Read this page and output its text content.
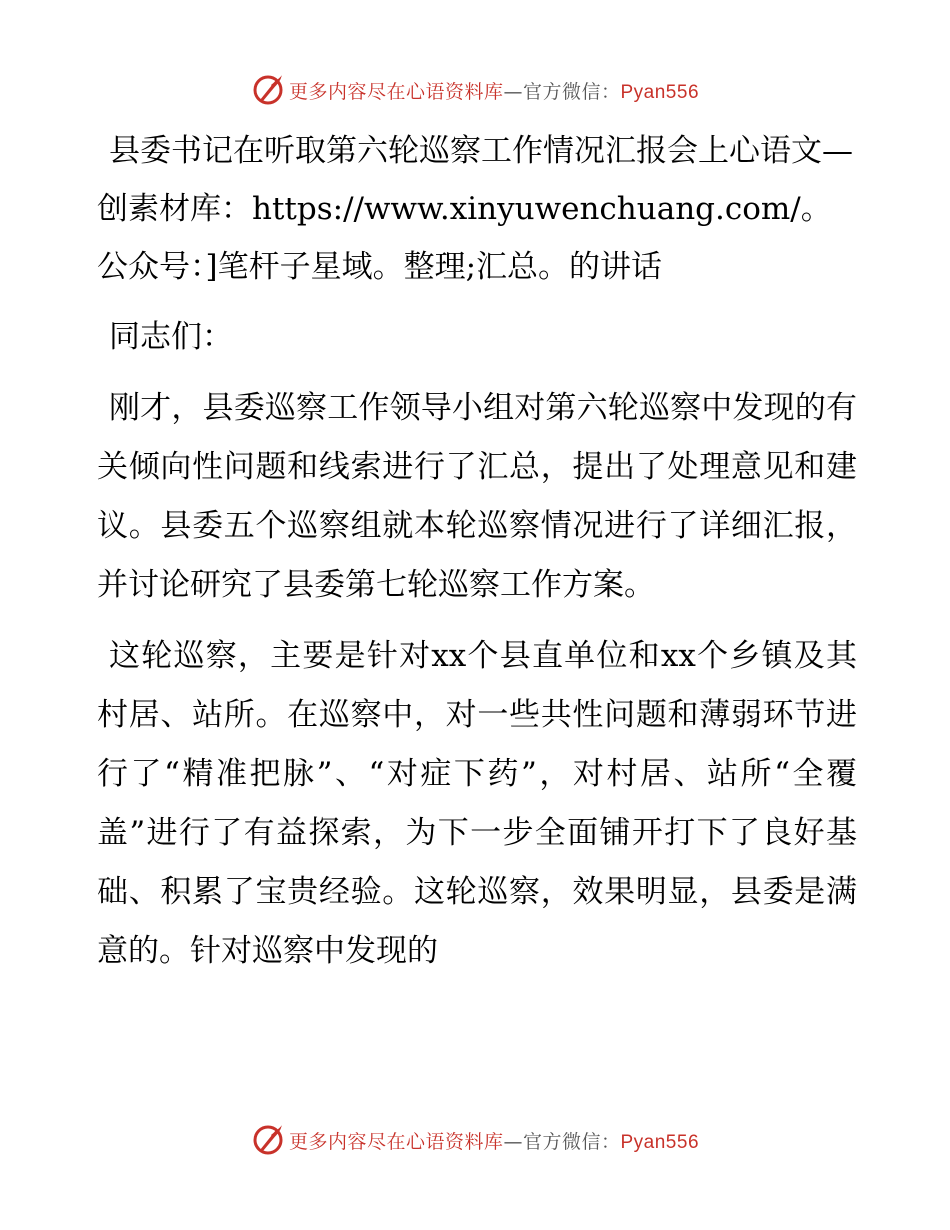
更多内容尽在心语资料库—官方微信：Pyan556
县委书记在听取第六轮巡察工作情况汇报会上心语文—创素材库：https://www.xinyuwenchuang.com/。公众号：]笔杆子星域。整理;汇总。的讲话

同志们：

刚才，县委巡察工作领导小组对第六轮巡察中发现的有关倾向性问题和线索进行了汇总，提出了处理意见和建议。县委五个巡察组就本轮巡察情况进行了详细汇报，并讨论研究了县委第七轮巡察工作方案。

这轮巡察，主要是针对xx个县直单位和xx个乡镇及其村居、站所。在巡察中，对一些共性问题和薄弱环节进行了“精准把脉”、“对症下药”，对村居、站所“全覆盖”进行了有益探索，为下一步全面铺开打下了良好基础、积累了宝贵经验。这轮巡察，效果明显，县委是满意的。针对巡察中发现的

更多内容尽在心语资料库—官方微信：Pyan556
